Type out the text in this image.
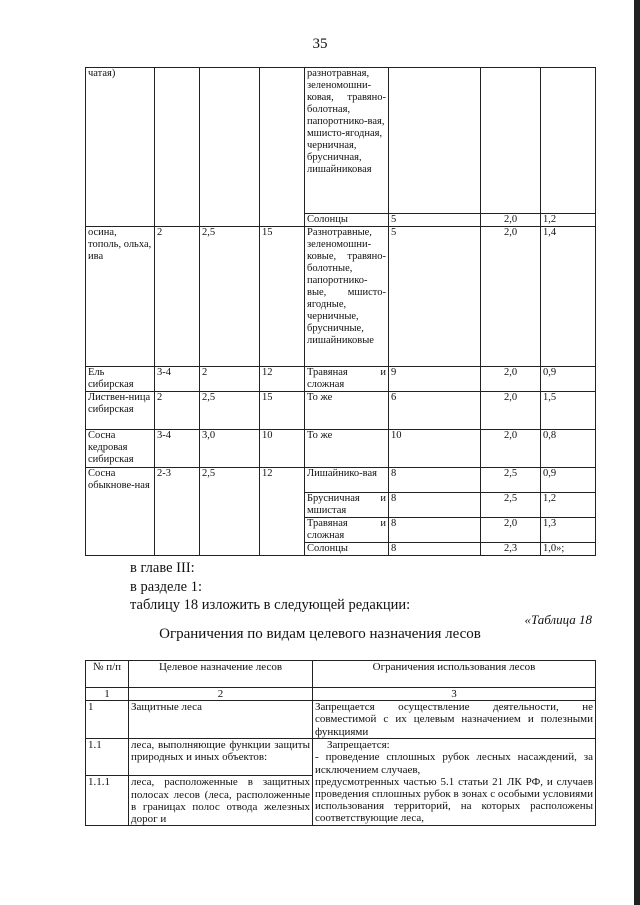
35
чатая)				разнотравная, зеленомошни-ковая, травяно-болотная, папоротнико-вая, мшисто-ягодная, черничная, брусничная, лишайниковая			
				Солонцы	5	2,0	1,2
осина, тополь, ольха, ива	2	2,5	15	Разнотравные, зеленомошни-ковые, травяно-болотные, папоротнико-вые, мшисто-ягодные, черничные, брусничные, лишайниковые	5	2,0	1,4
Ель сибирская	3-4	2	12	Травяная и сложная	9	2,0	0,9
Листвен-ница сибирская	2	2,5	15	То же	6	2,0	1,5
Сосна кедровая сибирская	3-4	3,0	10	То же	10	2,0	0,8
Сосна обыкнове-ная	2-3	2,5	12	Лишайнико-вая	8	2,5	0,9
				Брусничная и мшистая	8	2,5	1,2
				Травяная и сложная	8	2,0	1,3
				Солонцы	8	2,3	1,0»;
в главе III:
в разделе 1:
таблицу 18 изложить в следующей редакции:
«Таблица 18
Ограничения по видам целевого назначения лесов
№ п/п	Целевое назначение лесов	Ограничения использования лесов
1	2	3
1	Защитные леса	Запрещается осуществление деятельности, не совместимой с их целевым назначением и полезными функциями
1.1	леса, выполняющие функции защиты природных и иных объектов:	Запрещается:
- проведение сплошных рубок лесных насаждений, за исключением случаев,

1.1.1	леса, расположенные в защитных полосах лесов (леса, расположенные в границах полос отвода железных дорог и	предусмотренных частью 5.1 статьи 21 ЛК РФ, и случаев проведения сплошных рубок в зонах с особыми условиями использования территорий, на которых расположены соответствующие леса,
